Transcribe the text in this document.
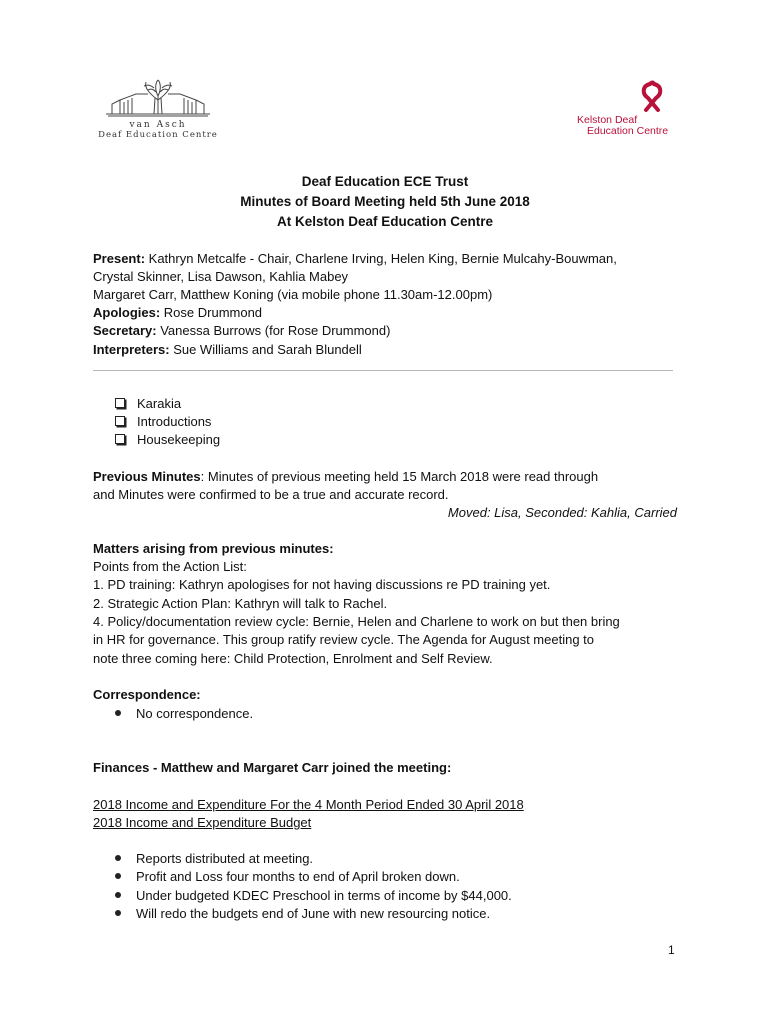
van Asch
Deaf Education Centre
Kelston Deaf
Education Centre
Deaf Education ECE Trust
Minutes of Board Meeting held 5th June 2018
At Kelston Deaf Education Centre
Present: Kathryn Metcalfe - Chair, Charlene Irving, Helen King, Bernie Mulcahy-Bouwman,
Crystal Skinner, Lisa Dawson, Kahlia Mabey
Margaret Carr, Matthew Koning (via mobile phone 11.30am-12.00pm)
Apologies: Rose Drummond
Secretary: Vanessa Burrows (for Rose Drummond)
Interpreters: Sue Williams and Sarah Blundell
Karakia
Introductions
Housekeeping
Previous Minutes: Minutes of previous meeting held 15 March 2018 were read through
and Minutes were confirmed to be a true and accurate record.
Moved: Lisa, Seconded: Kahlia, Carried
Matters arising from previous minutes:
Points from the Action List:
1. PD training: Kathryn apologises for not having discussions re PD training yet.
2. Strategic Action Plan: Kathryn will talk to Rachel.
4. Policy/documentation review cycle: Bernie, Helen and Charlene to work on but then bring
in HR for governance. This group ratify review cycle. The Agenda for August meeting to
note three coming here: Child Protection, Enrolment and Self Review.
Correspondence:
No correspondence.
Finances - Matthew and Margaret Carr joined the meeting:
2018 Income and Expenditure For the 4 Month Period Ended 30 April 2018
2018 Income and Expenditure Budget
Reports distributed at meeting.
Profit and Loss four months to end of April broken down.
Under budgeted KDEC Preschool in terms of income by $44,000.
Will redo the budgets end of June with new resourcing notice.
1
